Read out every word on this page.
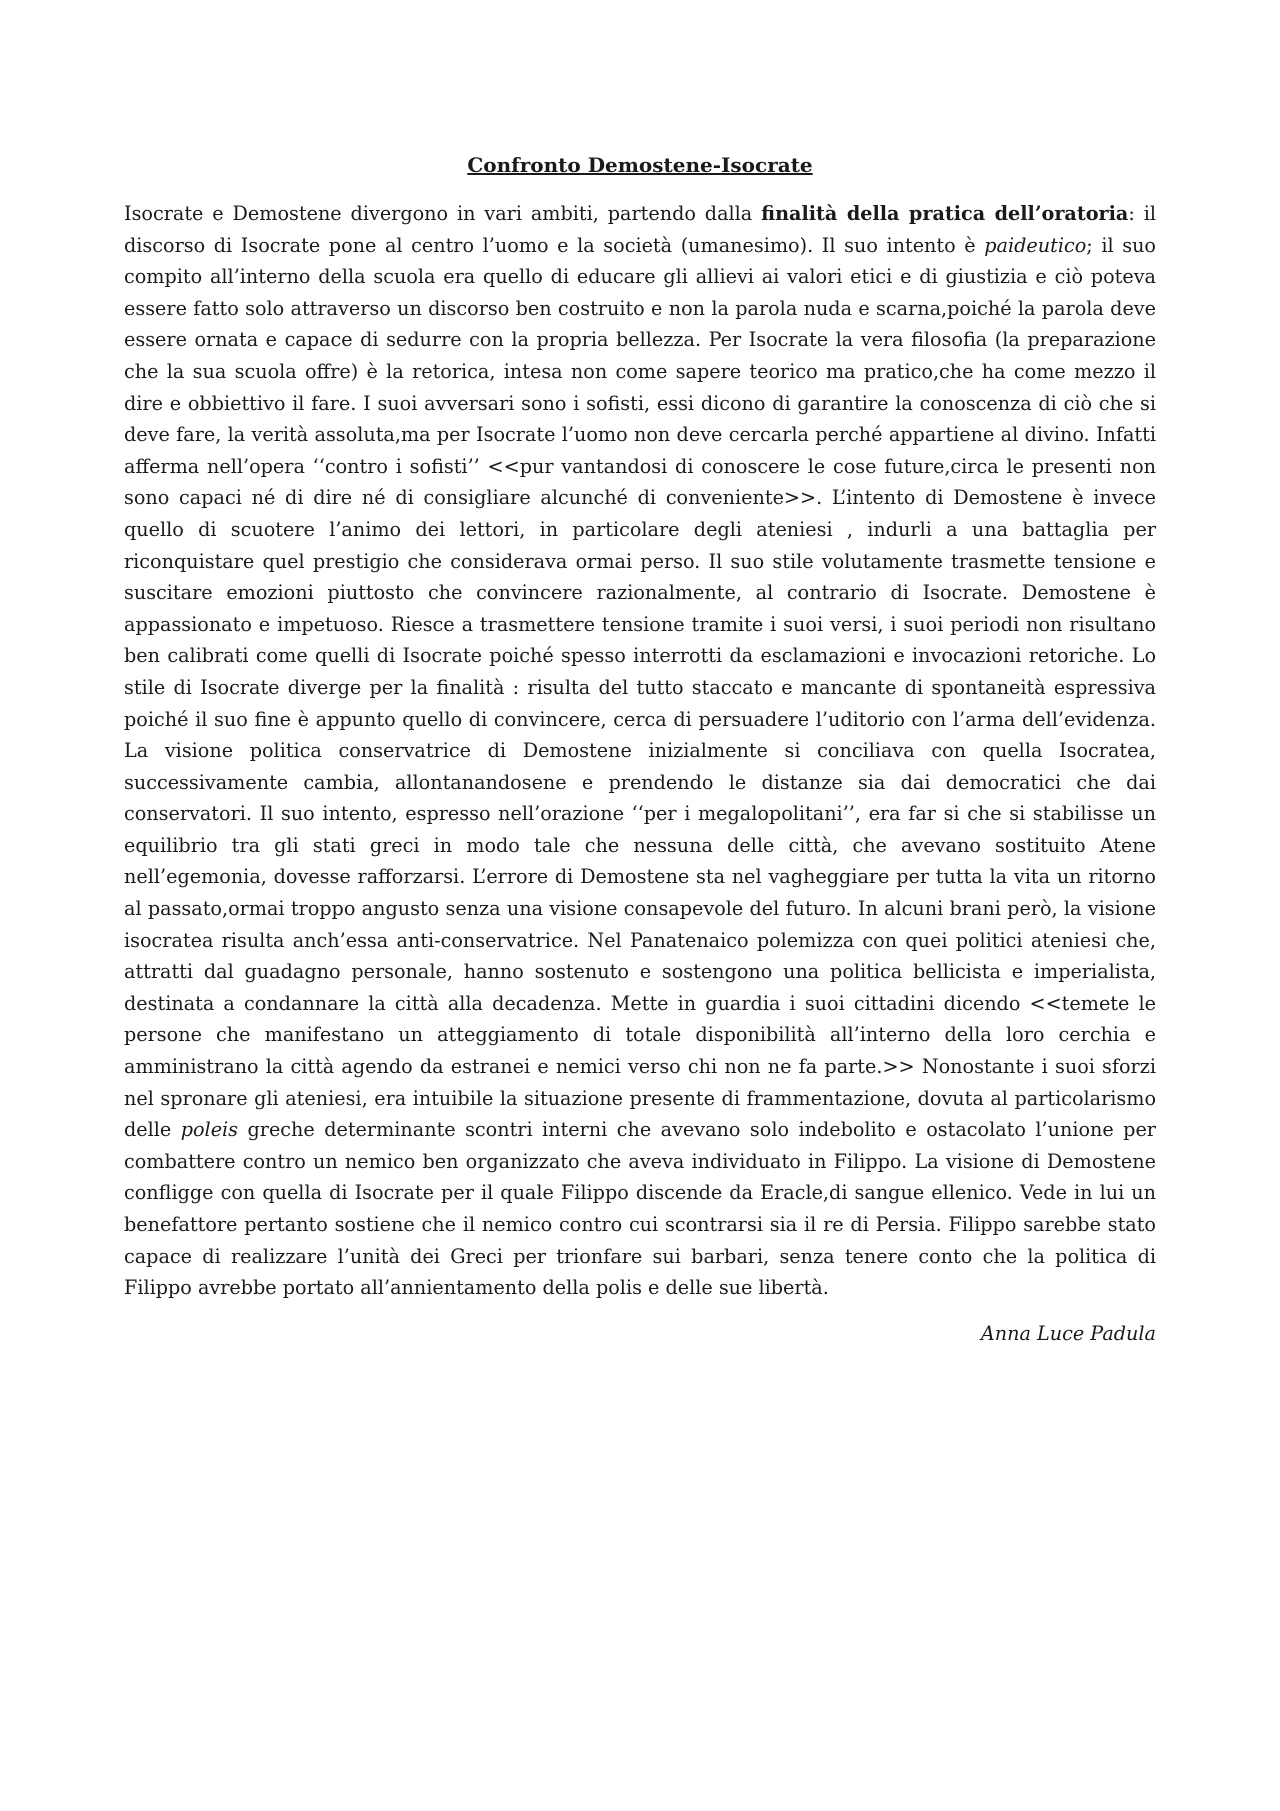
Confronto Demostene-Isocrate

Isocrate e Demostene divergono in vari ambiti, partendo dalla finalità della pratica dell’oratoria: il discorso di Isocrate pone al centro l’uomo e la società (umanesimo). Il suo intento è paideutico; il suo compito all’interno della scuola era quello di educare gli allievi ai valori etici e di giustizia e ciò poteva essere fatto solo attraverso un discorso ben costruito e non la parola nuda e scarna,poiché la parola deve essere ornata e capace di sedurre con la propria bellezza. Per Isocrate la vera filosofia (la preparazione che la sua scuola offre) è la retorica, intesa non come sapere teorico ma pratico,che ha come mezzo il dire e obbiettivo il fare. I suoi avversari sono i sofisti, essi dicono di garantire la conoscenza di ciò che si deve fare, la verità assoluta,ma per Isocrate l’uomo non deve cercarla perché appartiene al divino. Infatti afferma nell’opera ‘‘contro i sofisti’’ <<pur vantandosi di conoscere le cose future,circa le presenti non sono capaci né di dire né di consigliare alcunché di conveniente>>. L’intento di Demostene è invece quello di scuotere l’animo dei lettori, in particolare degli ateniesi , indurli a una battaglia per riconquistare quel prestigio che considerava ormai perso. Il suo stile volutamente trasmette tensione e suscitare emozioni piuttosto che convincere razionalmente, al contrario di Isocrate. Demostene è appassionato e impetuoso. Riesce a trasmettere tensione tramite i suoi versi, i suoi periodi non risultano ben calibrati come quelli di Isocrate poiché spesso interrotti da esclamazioni e invocazioni retoriche. Lo stile di Isocrate diverge per la finalità : risulta del tutto staccato e mancante di spontaneità espressiva poiché il suo fine è appunto quello di convincere, cerca di persuadere l’uditorio con l’arma dell’evidenza. La visione politica conservatrice di Demostene inizialmente si conciliava con quella Isocratea, successivamente cambia, allontanandosene e prendendo le distanze sia dai democratici che dai conservatori. Il suo intento, espresso nell’orazione ‘‘per i megalopolitani’’, era far si che si stabilisse un equilibrio tra gli stati greci in modo tale che nessuna delle città, che avevano sostituito Atene nell’egemonia, dovesse rafforzarsi. L’errore di Demostene sta nel vagheggiare per tutta la vita un ritorno al passato,ormai troppo angusto senza una visione consapevole del futuro. In alcuni brani però, la visione isocratea risulta anch’essa anti-conservatrice. Nel Panatenaico polemizza con quei politici ateniesi che, attratti dal guadagno personale, hanno sostenuto e sostengono una politica bellicista e imperialista, destinata a condannare la città alla decadenza. Mette in guardia i suoi cittadini dicendo <<temete le persone che manifestano un atteggiamento di totale disponibilità all’interno della loro cerchia e amministrano la città agendo da estranei e nemici verso chi non ne fa parte.>> Nonostante i suoi sforzi nel spronare gli ateniesi, era intuibile la situazione presente di frammentazione, dovuta al particolarismo delle poleis greche determinante scontri interni che avevano solo indebolito e ostacolato l’unione per combattere contro un nemico ben organizzato che aveva individuato in Filippo. La visione di Demostene confligge con quella di Isocrate per il quale Filippo discende da Eracle,di sangue ellenico. Vede in lui un benefattore pertanto sostiene che il nemico contro cui scontrarsi sia il re di Persia. Filippo sarebbe stato capace di realizzare l’unità dei Greci per trionfare sui barbari, senza tenere conto che la politica di Filippo avrebbe portato all’annientamento della polis e delle sue libertà.

Anna Luce Padula
